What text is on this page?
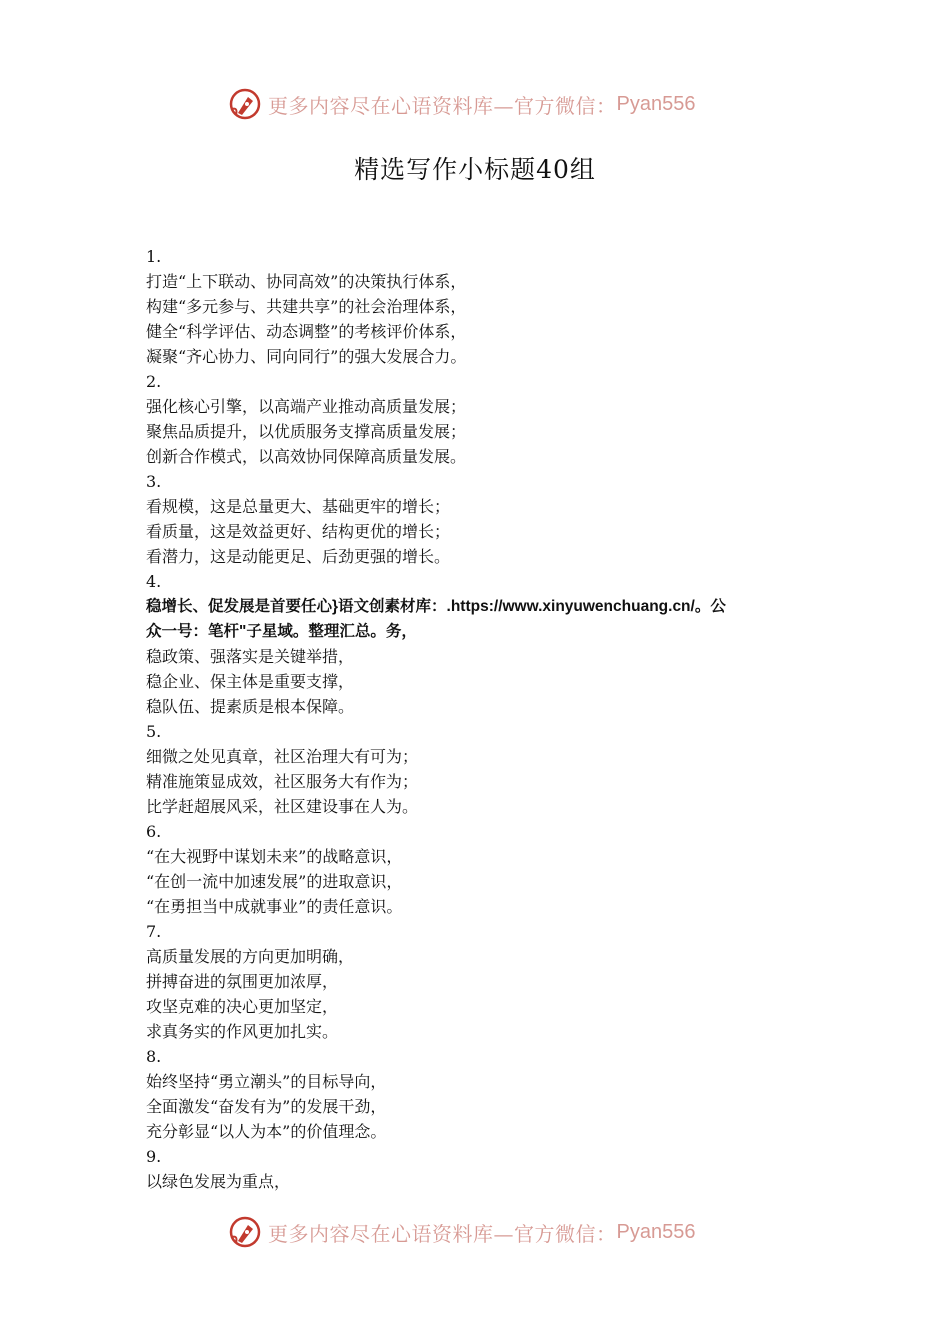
更多内容尽在心语资料库—官方微信： Pyan556
精选写作小标题40组
1.
打造“上下联动、协同高效”的决策执行体系，
构建“多元参与、共建共享”的社会治理体系，
健全“科学评估、动态调整”的考核评价体系，
凝聚“齐心协力、同向同行”的强大发展合力。
2.
强化核心引擎，以高端产业推动高质量发展；
聚焦品质提升，以优质服务支撑高质量发展；
创新合作模式，以高效协同保障高质量发展。
3.
看规模，这是总量更大、基础更牢的增长；
看质量，这是效益更好、结构更优的增长；
看潜力，这是动能更足、后劲更强的增长。
4.
稳增长、促发展是首要任心}语文创素材库：.https://www.xinyuwenchuang.cn/。公
众一号：笔杆"子星域。整理汇总。务，
稳政策、强落实是关键举措，
稳企业、保主体是重要支撑，
稳队伍、提素质是根本保障。
5.
细微之处见真章，社区治理大有可为；
精准施策显成效，社区服务大有作为；
比学赶超展风采，社区建设事在人为。
6.
“在大视野中谋划未来”的战略意识，
“在创一流中加速发展”的进取意识，
“在勇担当中成就事业”的责任意识。
7.
高质量发展的方向更加明确，
拼搏奋进的氛围更加浓厚，
攻坚克难的决心更加坚定，
求真务实的作风更加扎实。
8.
始终坚持“勇立潮头”的目标导向，
全面激发“奋发有为”的发展干劲，
充分彰显“以人为本”的价值理念。
9.
以绿色发展为重点，
更多内容尽在心语资料库—官方微信： Pyan556
